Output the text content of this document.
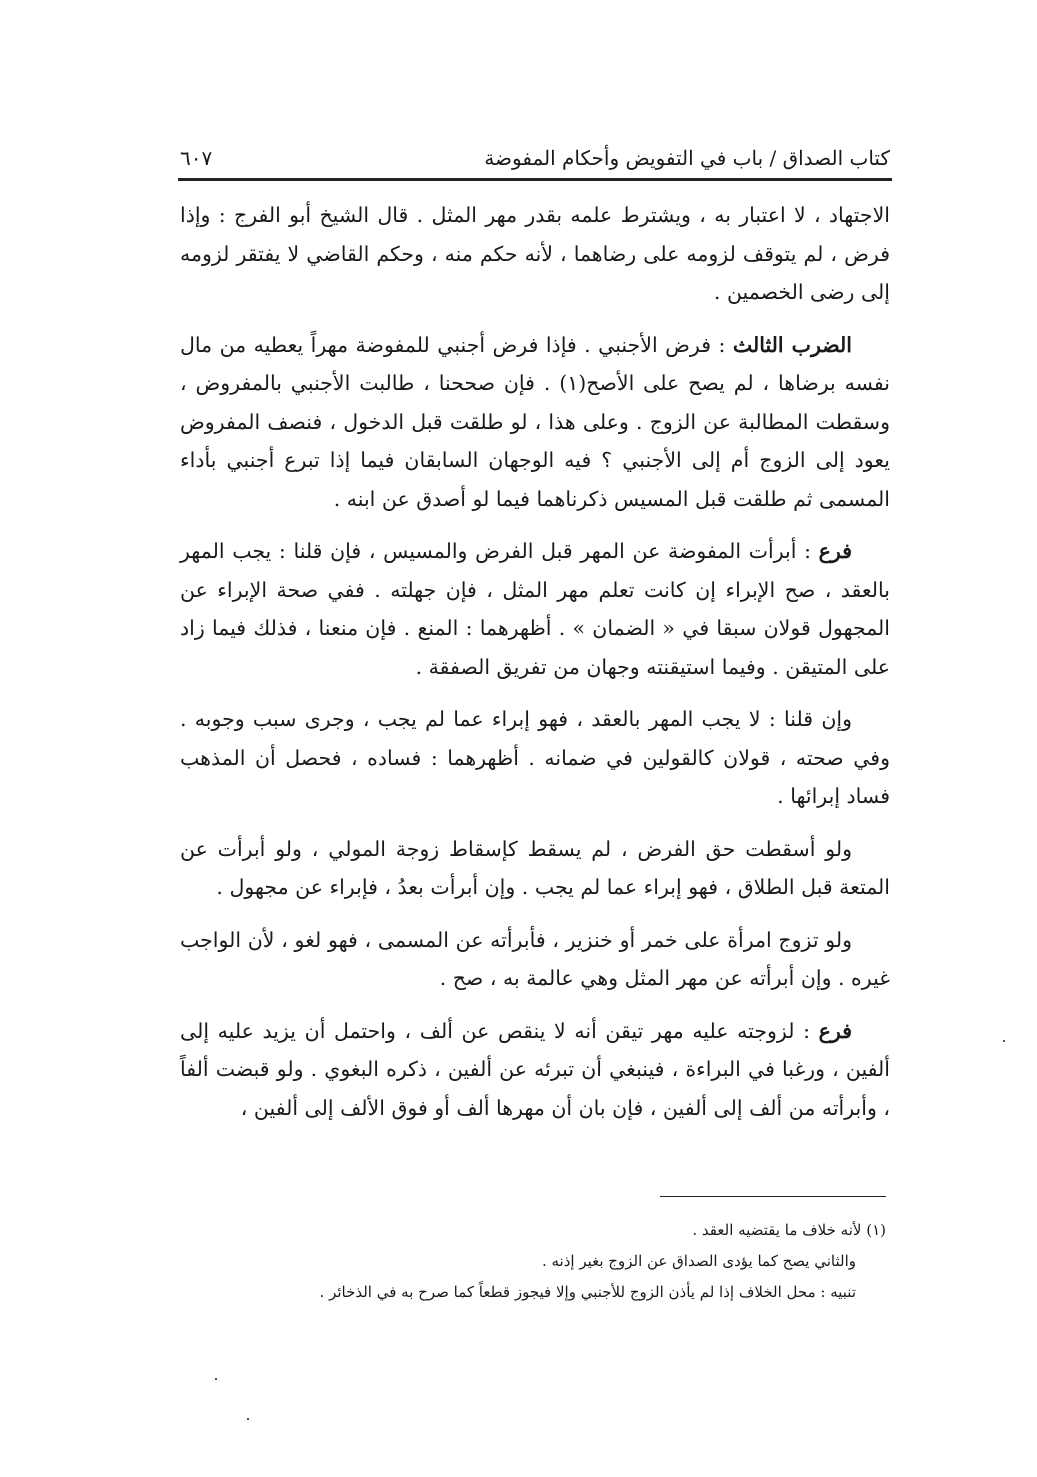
كتاب الصداق / باب في التفويض وأحكام المفوضة
٦٠٧

الاجتهاد ، لا اعتبار به ، ويشترط علمه بقدر مهر المثل . قال الشيخ أبو الفرج : وإذا فرض ، لم يتوقف لزومه على رضاهما ، لأنه حكم منه ، وحكم القاضي لا يفتقر لزومه إلى رضى الخصمين .

الضرب الثالث : فرض الأجنبي . فإذا فرض أجنبي للمفوضة مهراً يعطيه من مال نفسه برضاها ، لم يصح على الأصح(١) . فإن صححنا ، طالبت الأجنبي بالمفروض ، وسقطت المطالبة عن الزوج . وعلى هذا ، لو طلقت قبل الدخول ، فنصف المفروض يعود إلى الزوج أم إلى الأجنبي ؟ فيه الوجهان السابقان فيما إذا تبرع أجنبي بأداء المسمى ثم طلقت قبل المسيس ذكرناهما فيما لو أصدق عن ابنه .

فرع : أبرأت المفوضة عن المهر قبل الفرض والمسيس ، فإن قلنا : يجب المهر بالعقد ، صح الإبراء إن كانت تعلم مهر المثل ، فإن جهلته . ففي صحة الإبراء عن المجهول قولان سبقا في « الضمان » . أظهرهما : المنع . فإن منعنا ، فذلك فيما زاد على المتيقن . وفيما استيقنته وجهان من تفريق الصفقة .

وإن قلنا : لا يجب المهر بالعقد ، فهو إبراء عما لم يجب ، وجرى سبب وجوبه . وفي صحته ، قولان كالقولين في ضمانه . أظهرهما : فساده ، فحصل أن المذهب فساد إبرائها .

ولو أسقطت حق الفرض ، لم يسقط كإسقاط زوجة المولي ، ولو أبرأت عن المتعة قبل الطلاق ، فهو إبراء عما لم يجب . وإن أبرأت بعدُ ، فإبراء عن مجهول .

ولو تزوج امرأة على خمر أو خنزير ، فأبرأته عن المسمى ، فهو لغو ، لأن الواجب غيره . وإن أبرأته عن مهر المثل وهي عالمة به ، صح .

فرع : لزوجته عليه مهر تيقن أنه لا ينقص عن ألف ، واحتمل أن يزيد عليه إلى ألفين ، ورغبا في البراءة ، فينبغي أن تبرئه عن ألفين ، ذكره البغوي . ولو قبضت ألفاً ، وأبرأته من ألف إلى ألفين ، فإن بان أن مهرها ألف أو فوق الألف إلى ألفين ،

(١) لأنه خلاف ما يقتضيه العقد .

والثاني يصح كما يؤدى الصداق عن الزوج بغير إذنه .

تنبيه : محل الخلاف إذا لم يأذن الزوج للأجنبي وإلا فيجوز قطعاً كما صرح به في الذخائر .
